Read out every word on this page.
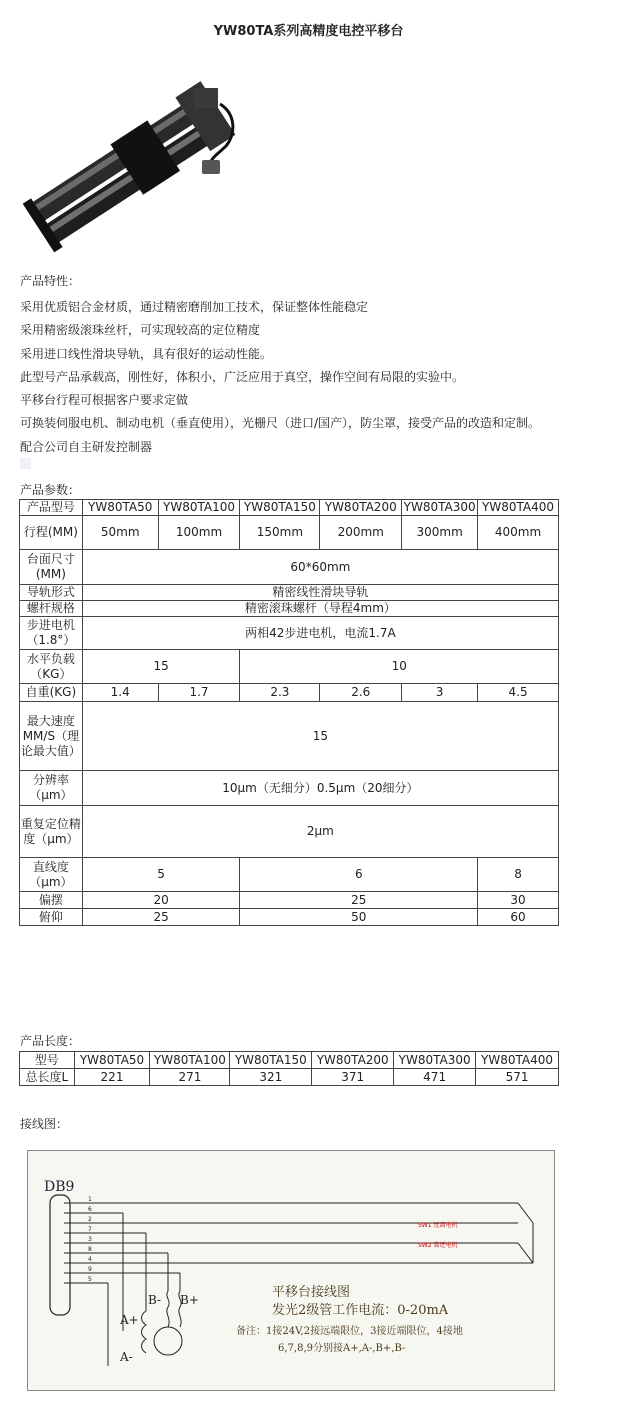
YW80TA系列高精度电控平移台
产品特性：
采用优质铝合金材质，通过精密磨削加工技术，保证整体性能稳定
采用精密级滚珠丝杆，可实现较高的定位精度
采用进口线性滑块导轨，具有很好的运动性能。
此型号产品承载高，刚性好，体积小，广泛应用于真空，操作空间有局限的实验中。
平移台行程可根据客户要求定做
可换装伺服电机、制动电机（垂直使用），光栅尺（进口/国产），防尘罩，接受产品的改造和定制。
配合公司自主研发控制器
产品参数：
产品型号	YW80TA50	YW80TA100	YW80TA150	YW80TA200	YW80TA300	YW80TA400
行程(MM)	50mm	100mm	150mm	200mm	300mm	400mm
台面尺寸(MM)	60*60mm					
导轨形式	精密线性滑块导轨					
螺杆规格	精密滚珠螺杆（导程4mm）					
步进电机（1.8°）	两相42步进电机，电流1.7A					
水平负载（KG）	15		10			
自重(KG)	1.4	1.7	2.3	2.6	3	4.5
最大速度MM/S（理论最大值）	15					
分辨率（μm）	10μm（无细分）0.5μm（20细分）					
重复定位精度（μm）	2μm					
直线度（μm）	5		6			8
偏摆	20		25			30
俯仰	25		50			60
产品长度：
型号	YW80TA50	YW80TA100	YW80TA150	YW80TA200	YW80TA300	YW80TA400
总长度L	221	271	321	371	471	571
接线图：
DB9
1
6
2
7
3
8
4
9
5
SW1 远离电机
SW2 靠近电机
B- B+
A+
A-
平移台接线图
发光2级管工作电流：0-20mA
备注：1接24V,2接远端限位，3接近端限位，4接地
6,7,8,9分别接A+,A-,B+,B-
